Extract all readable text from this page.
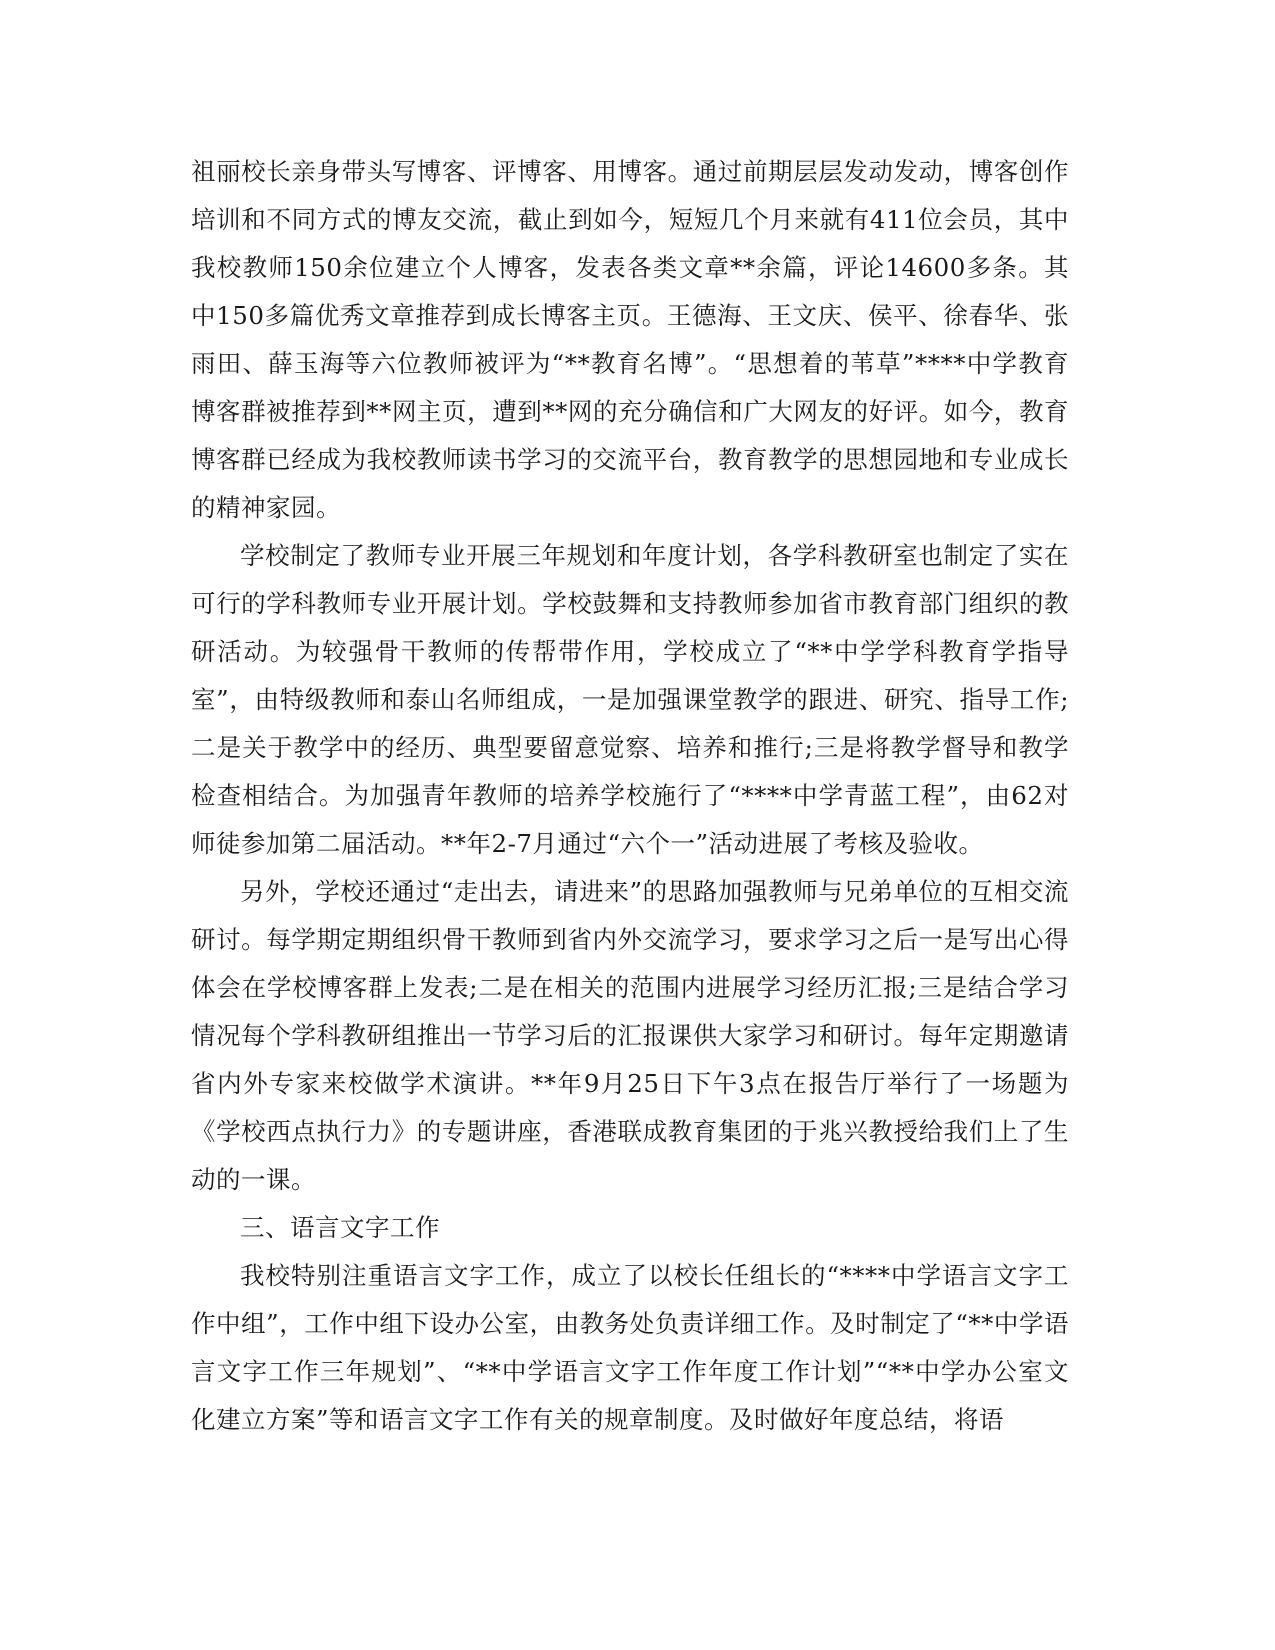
祖丽校长亲身带头写博客、评博客、用博客。通过前期层层发动发动，博客创作培训和不同方式的博友交流，截止到如今，短短几个月来就有411位会员，其中我校教师150余位建立个人博客，发表各类文章**余篇，评论14600多条。其中150多篇优秀文章推荐到成长博客主页。王德海、王文庆、侯平、徐春华、张雨田、薛玉海等六位教师被评为“**教育名博”。“思想着的苇草”****中学教育博客群被推荐到**网主页，遭到**网的充分确信和广大网友的好评。如今，教育博客群已经成为我校教师读书学习的交流平台，教育教学的思想园地和专业成长的精神家园。

学校制定了教师专业开展三年规划和年度计划，各学科教研室也制定了实在可行的学科教师专业开展计划。学校鼓舞和支持教师参加省市教育部门组织的教研活动。为较强骨干教师的传帮带作用，学校成立了“**中学学科教育学指导室”，由特级教师和泰山名师组成，一是加强课堂教学的跟进、研究、指导工作;二是关于教学中的经历、典型要留意觉察、培养和推行;三是将教学督导和教学检查相结合。为加强青年教师的培养学校施行了“****中学青蓝工程”，由62对师徒参加第二届活动。**年2-7月通过“六个一”活动进展了考核及验收。

另外，学校还通过“走出去，请进来”的思路加强教师与兄弟单位的互相交流研讨。每学期定期组织骨干教师到省内外交流学习，要求学习之后一是写出心得体会在学校博客群上发表;二是在相关的范围内进展学习经历汇报;三是结合学习情况每个学科教研组推出一节学习后的汇报课供大家学习和研讨。每年定期邀请省内外专家来校做学术演讲。**年9月25日下午3点在报告厅举行了一场题为《学校西点执行力》的专题讲座，香港联成教育集团的于兆兴教授给我们上了生动的一课。

三、语言文字工作

我校特别注重语言文字工作，成立了以校长任组长的“****中学语言文字工作中组”，工作中组下设办公室，由教务处负责详细工作。及时制定了“**中学语言文字工作三年规划”、“**中学语言文字工作年度工作计划”“**中学办公室文化建立方案”等和语言文字工作有关的规章制度。及时做好年度总结，将语
